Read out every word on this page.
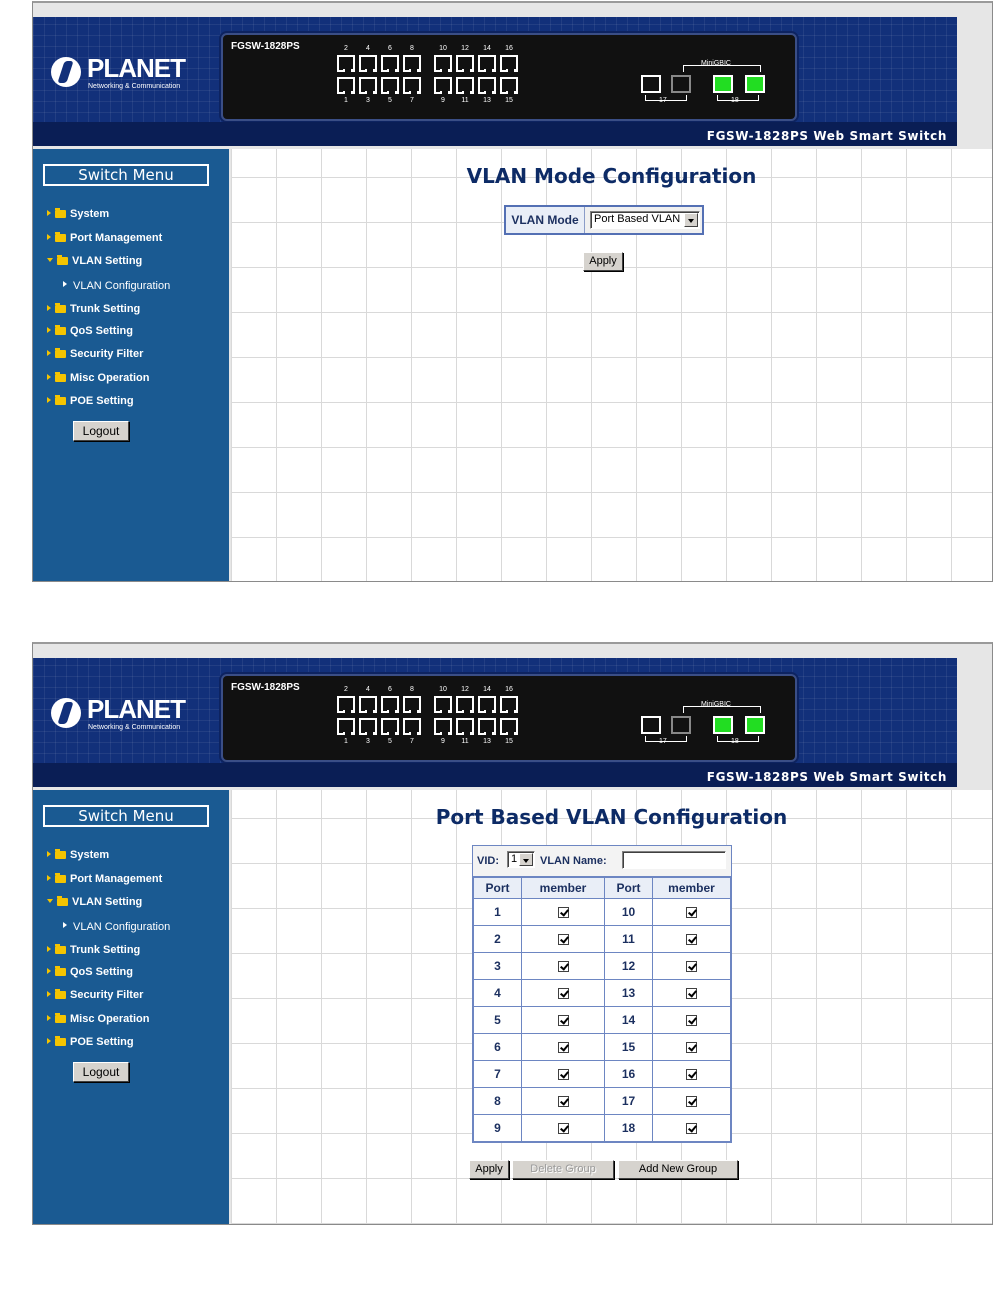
PLANET
Networking & Communication
FGSW-1828PS	2
1
4
3
6
5
8
7
10
9
12
11
14
13
16
15
MiniGBIC
17	18
FGSW-1828PS Web Smart Switch
Switch Menu
System
Port Management
VLAN Setting
VLAN Configuration
Trunk Setting
QoS Setting
Security Filter
Misc Operation
POE Setting
Logout
VLAN Mode Configuration
VLAN Mode	Port Based VLAN
Apply
PLANET
Networking & Communication
FGSW-1828PS	2
1
4
3
6
5
8
7
10
9
12
11
14
13
16
15
MiniGBIC
17	18
FGSW-1828PS Web Smart Switch
Switch Menu
System
Port Management
VLAN Setting
VLAN Configuration
Trunk Setting
QoS Setting
Security Filter
Misc Operation
POE Setting
Logout
Port Based VLAN Configuration
VID:	1	VLAN Name:
Port	member	Port	member
1		10	
2		11	
3		12	
4		13	
5		14	
6		15	
7		16	
8		17	
9		18	
Apply	Delete Group	Add New Group
